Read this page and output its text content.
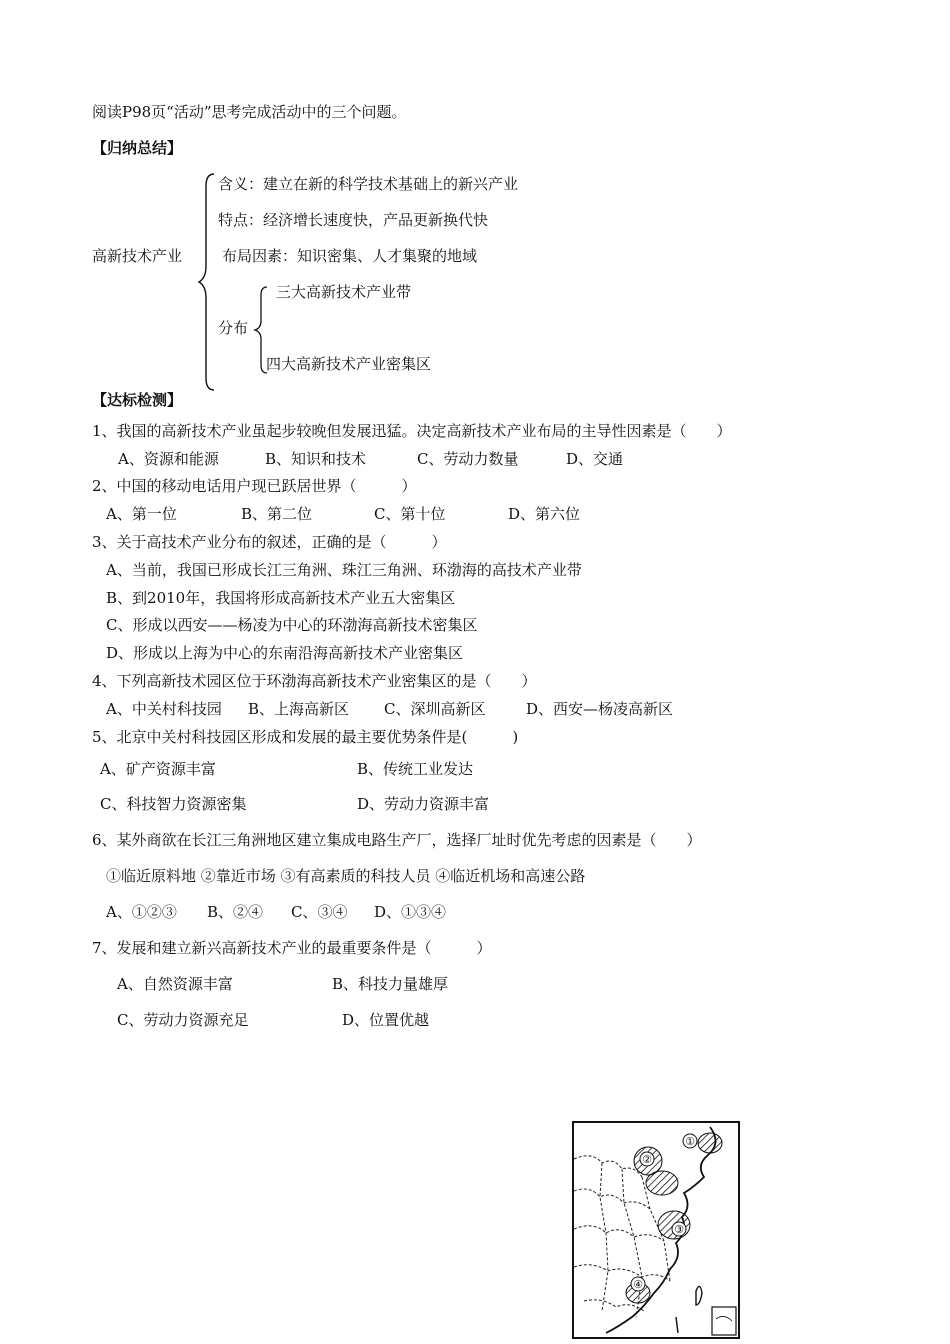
阅读P98页“活动”思考完成活动中的三个问题。
【归纳总结】
高新技术产业
含义：建立在新的科学技术基础上的新兴产业
特点：经济增长速度快，产品更新换代快
布局因素：知识密集、人才集聚的地域
分布
三大高新技术产业带
四大高新技术产业密集区
【达标检测】
1、我国的高新技术产业虽起步较晚但发展迅猛。决定高新技术产业布局的主导性因素是（　　）
A、资源和能源	B、知识和技术	C、劳动力数量	D、交通
2、中国的移动电话用户现已跃居世界（　　　）
A、第一位	B、第二位	C、第十位	D、第六位
3、关于高技术产业分布的叙述，正确的是（　　　）
A、当前，我国已形成长江三角洲、珠江三角洲、环渤海的高技术产业带
B、到2010年，我国将形成高新技术产业五大密集区
C、形成以西安——杨凌为中心的环渤海高新技术密集区
D、形成以上海为中心的东南沿海高新技术产业密集区
4、下列高新技术园区位于环渤海高新技术产业密集区的是（　　）
A、中关村科技园 B、上海高新区 C、深圳高新区	D、西安—杨凌高新区
5、北京中关村科技园区形成和发展的最主要优势条件是(　　　)
A、矿产资源丰富	B、传统工业发达
C、科技智力资源密集	D、劳动力资源丰富
6、某外商欲在长江三角洲地区建立集成电路生产厂，选择厂址时优先考虑的因素是（　　）
①临近原料地 ②靠近市场 ③有高素质的科技人员 ④临近机场和高速公路
A、①②③ B、②④ C、③④ D、①③④
7、发展和建立新兴高新技术产业的最重要条件是（　　　）
A、自然资源丰富	B、科技力量雄厚
C、劳动力资源充足	D、位置优越
①
②
③
④
